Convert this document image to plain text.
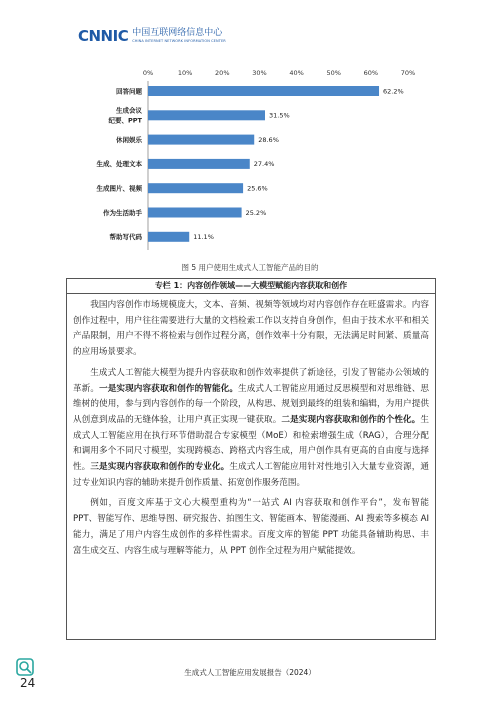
CNNIC 中国互联网络信息中心
CHINA INTERNET NETWORK INFORMATION CENTER
0%	10%	20%	30%	40%	50%	60%	70%
62.2%
回答问题
31.5%
生成会议
纪要、PPT
28.6%
休闲娱乐
27.4%
生成、处理文本
25.6%
生成图片、视频
25.2%
作为生活助手
11.1%
帮助写代码
图 5 用户使用生成式人工智能产品的目的
专栏 1：内容创作领域——大模型赋能内容获取和创作

我国内容创作市场规模庞大，文本、音频、视频等领域均对内容创作存在旺盛需求。内容创作过程中，用户往往需要进行大量的文档检索工作以支持自身创作，但由于技术水平和相关产品限制，用户不得不将检索与创作过程分离，创作效率十分有限，无法满足时间紧、质量高的应用场景要求。

生成式人工智能大模型为提升内容获取和创作效率提供了新途径，引发了智能办公领域的革新。一是实现内容获取和创作的智能化。生成式人工智能应用通过反思模型和对思维链、思维树的使用，参与到内容创作的每一个阶段，从构思、规划到最终的组装和编辑，为用户提供从创意到成品的无缝体验，让用户真正实现一键获取。二是实现内容获取和创作的个性化。生成式人工智能应用在执行环节借助混合专家模型（MoE）和检索增强生成（RAG），合理分配和调用多个不同尺寸模型，实现跨模态、跨格式内容生成，用户创作具有更高的自由度与选择性。三是实现内容获取和创作的专业化。生成式人工智能应用针对性地引入大量专业资源，通过专业知识内容的辅助来提升创作质量、拓宽创作服务范围。

例如，百度文库基于文心大模型重构为“一站式 AI 内容获取和创作平台”，发布智能 PPT、智能写作、思维导图、研究报告、拍图生文、智能画本、智能漫画、AI 搜索等多模态 AI 能力，满足了用户内容生成创作的多样性需求。百度文库的智能 PPT 功能具备辅助构思、丰富生成交互、内容生成与理解等能力，从 PPT 创作全过程为用户赋能提效。

24
生成式人工智能应用发展报告（2024）
